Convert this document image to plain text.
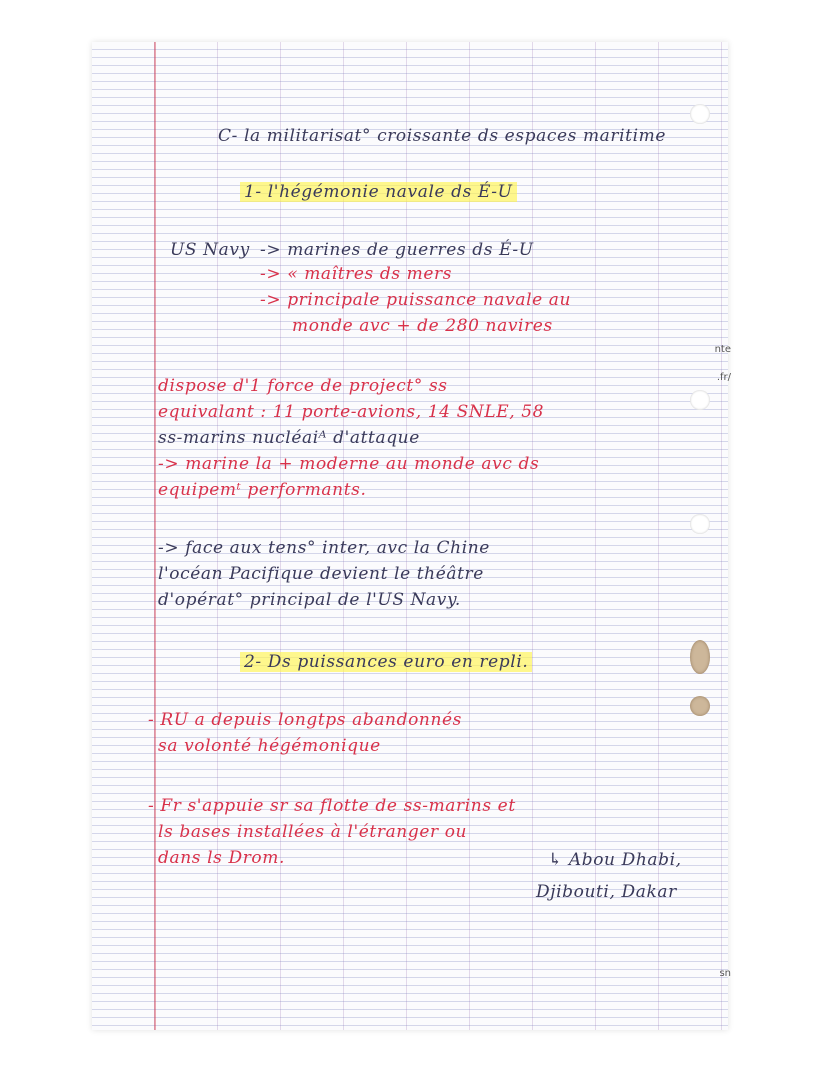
C- la militarisat° croissante ds espaces maritime
1- l'hégémonie navale ds É-U
US Navy -> marines de guerres ds É-U
-> « maîtres ds mers
-> principale puissance navale au
monde avc + de 280 navires
dispose d'1 force de project° ss
equivalant : 11 porte-avions, 14 SNLE, 58
ss-marins nucléaiᴬ d'attaque
-> marine la + moderne au monde avc ds
equipemᵗ performants.
-> face aux tens° inter, avc la Chine
l'océan Pacifique devient le théâtre
d'opérat° principal de l'US Navy.
2- Ds puissances euro en repli.
- RU a depuis longtps abandonnés
sa volonté hégémonique
- Fr s'appuie sr sa flotte de ss-marins et
ls bases installées à l'étranger ou
dans ls Drom.	↳ Abou Dhabi,
Djibouti, Dakar
nte
.fr/
sn
